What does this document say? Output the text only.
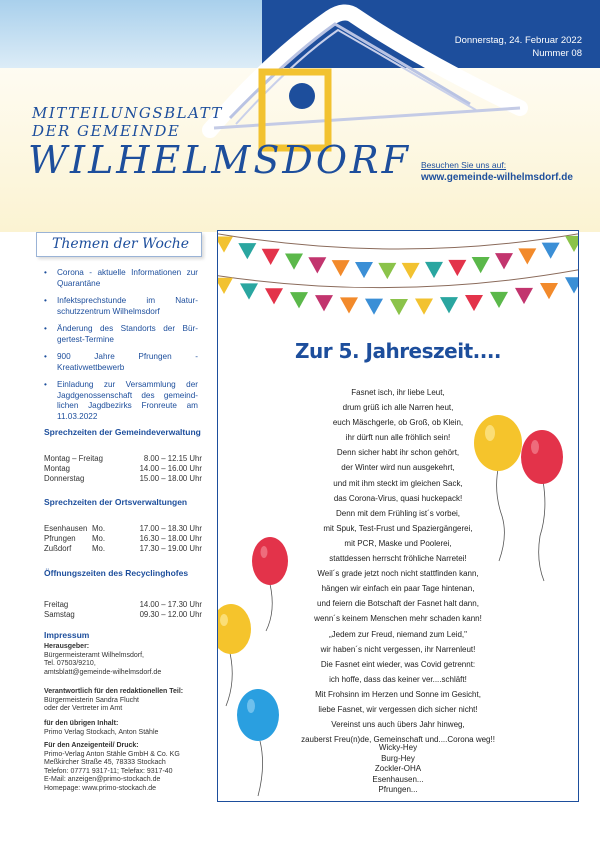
Donnerstag, 24. Februar 2022
Nummer 08
MITTEILUNGSBLATT
DER GEMEINDE
WILHELMSDORF Besuchen Sie uns auf:
www.gemeinde-wilhelmsdorf.de
Themen der Woche
• Corona - aktuelle Informationen zur Quarantäne
• Infektsprechstunde im Natur-schutzzentrum Wilhelmsdorf
• Änderung des Standorts der Bür-gertest-Termine
• 900 Jahre Pfrungen - Kreativwettbewerb
• Einladung zur Versammlung der Jagdgenossenschaft des gemeind-lichen Jagdbezirks Fronreute am 11.03.2022
Sprechzeiten der Gemeindeverwaltung
Montag – Freitag	8.00 – 12.15 Uhr
Montag	14.00 – 16.00 Uhr
Donnerstag	15.00 – 18.00 Uhr
Sprechzeiten der Ortsverwaltungen
Esenhausen Mo.	17.00 – 18.30 Uhr
Pfrungen	Mo.	16.30 – 18.00 Uhr
Zußdorf	Mo.	17.30 – 19.00 Uhr
Öffnungszeiten des Recyclinghofes
Freitag	14.00 – 17.30 Uhr
Samstag	09.30 – 12.00 Uhr
Impressum
Herausgeber:
Bürgermeisteramt Wilhelmsdorf,
Tel. 07503/9210,
amtsblatt@gemeinde-wilhelmsdorf.de
Verantwortlich für den redaktionellen Teil:
Bürgermeisterin Sandra Flucht
oder der Vertreter im Amt
für den übrigen Inhalt:
Primo Verlag Stockach, Anton Stähle
Für den Anzeigenteil/ Druck:
Primo-Verlag Anton Stähle GmbH & Co. KG
Meßkircher Straße 45, 78333 Stockach
Telefon: 07771 9317-11; Telefax: 9317-40
E-Mail: anzeigen@primo-stockach.de
Homepage: www.primo-stockach.de
Zur 5. Jahreszeit....
Fasnet isch, ihr liebe Leut,
drum grüß ich alle Narren heut,
euch Mäschgerle, ob Groß, ob Klein,
ihr dürft nun alle fröhlich sein!
Denn sicher habt ihr schon gehört,
der Winter wird nun ausgekehrt,
und mit ihm steckt im gleichen Sack,
das Corona-Virus, quasi huckepack!
Denn mit dem Frühling ist´s vorbei,
mit Spuk, Test-Frust und Spaziergängerei,
mit PCR, Maske und Poolerei,
stattdessen herrscht fröhliche Narretei!
Weil´s grade jetzt noch nicht stattfinden kann,
hängen wir einfach ein paar Tage hintenan,
und feiern die Botschaft der Fasnet halt dann,
wenn´s keinem Menschen mehr schaden kann!
„Jedem zur Freud, niemand zum Leid,"
wir haben´s nicht vergessen, ihr Narrenleut!
Die Fasnet eint wieder, was Covid getrennt:
ich hoffe, dass das keiner ver....schläft!
Mit Frohsinn im Herzen und Sonne im Gesicht,
liebe Fasnet, wir vergessen dich sicher nicht!
Vereinst uns auch übers Jahr hinweg,
zauberst Freu(n)de, Gemeinschaft und....Corona weg!!
Wicky-Hey
Burg-Hey
Zockler-OHA
Esenhausen...
Pfrungen...
